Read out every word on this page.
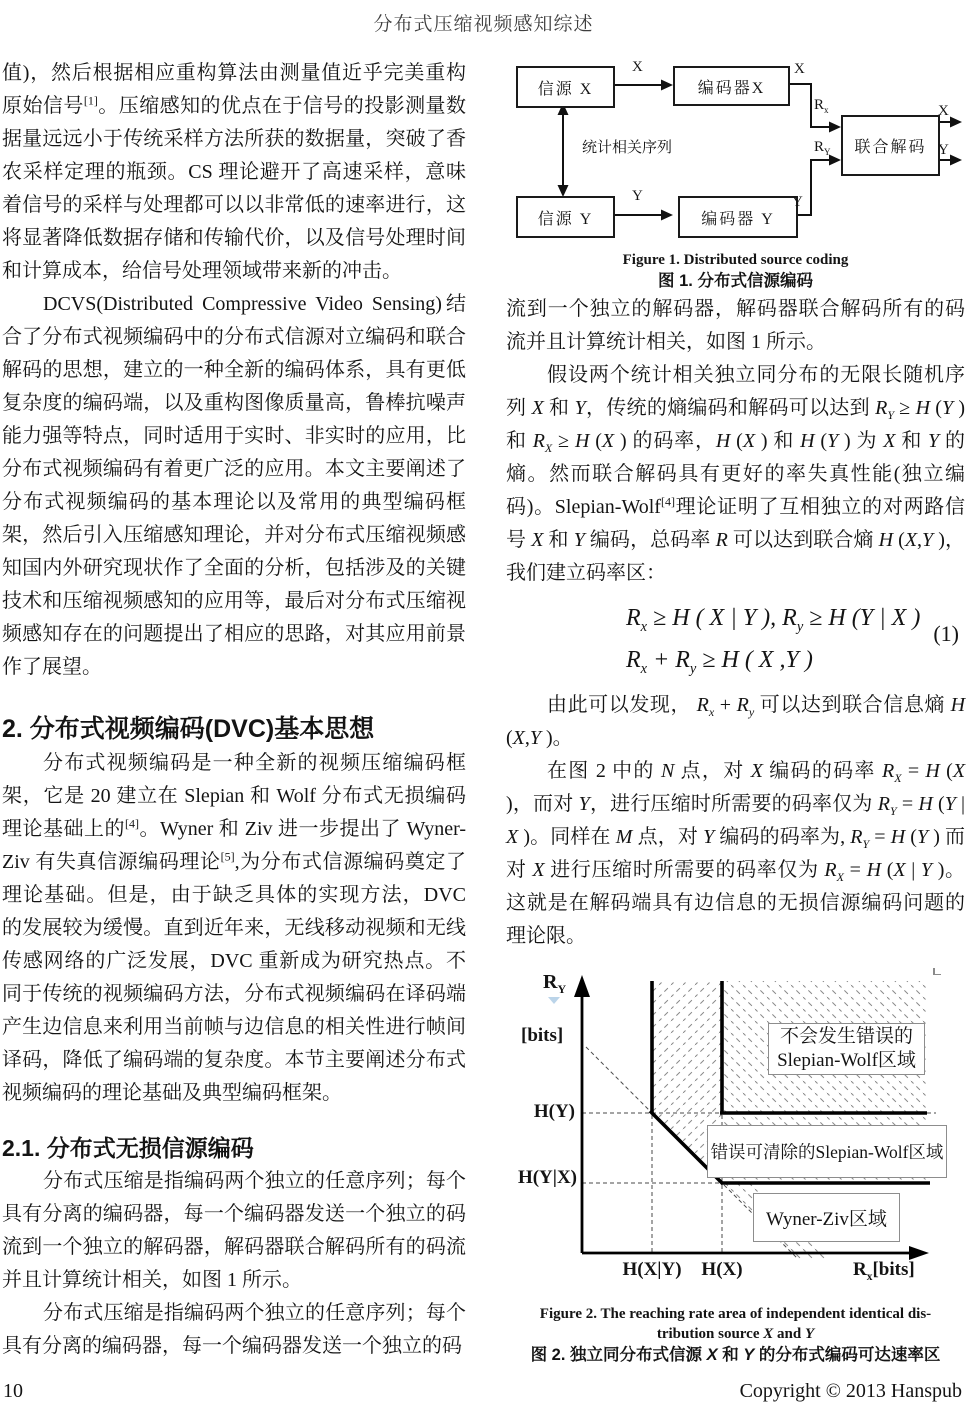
分布式压缩视频感知综述

值)，然后根据相应重构算法由测量值近乎完美重构原始信号[1]。压缩感知的优点在于信号的投影测量数据量远远小于传统采样方法所获的数据量，突破了香农采样定理的瓶颈。CS 理论避开了高速采样，意味着信号的采样与处理都可以以非常低的速率进行，这将显著降低数据存储和传输代价，以及信号处理时间和计算成本，给信号处理领域带来新的冲击。

DCVS(Distributed Compressive Video Sensing)结合了分布式视频编码中的分布式信源对立编码和联合解码的思想，建立的一种全新的编码体系，具有更低复杂度的编码端，以及重构图像质量高，鲁棒抗噪声能力强等特点，同时适用于实时、非实时的应用，比分布式视频编码有着更广泛的应用。本文主要阐述了分布式视频编码的基本理论以及常用的典型编码框架，然后引入压缩感知理论，并对分布式压缩视频感知国内外研究现状作了全面的分析，包括涉及的关键技术和压缩视频感知的应用等，最后对分布式压缩视频感知存在的问题提出了相应的思路，对其应用前景作了展望。

2. 分布式视频编码(DVC)基本思想

分布式视频编码是一种全新的视频压缩编码框架，它是 20 建立在 Slepian 和 Wolf 分布式无损编码理论基础上的[4]。Wyner 和 Ziv 进一步提出了 Wyner-Ziv 有失真信源编码理论[5],为分布式信源编码奠定了理论基础。但是，由于缺乏具体的实现方法，DVC 的发展较为缓慢。直到近年来，无线移动视频和无线传感网络的广泛发展，DVC 重新成为研究热点。不同于传统的视频编码方法，分布式视频编码在译码端产生边信息来利用当前帧与边信息的相关性进行帧间译码，降低了编码端的复杂度。本节主要阐述分布式视频编码的理论基础及典型编码框架。

2.1. 分布式无损信源编码

分布式压缩是指编码两个独立的任意序列；每个具有分离的编码器，每一个编码器发送一个独立的码流到一个独立的解码器，解码器联合解码所有的码流并且计算统计相关，如图 1 所示。

分布式压缩是指编码两个独立的任意序列；每个具有分离的编码器，每一个编码器发送一个独立的码

信源 X	编码器X
信源 Y	编码器 Y
联合解码
统计相关序列
X
Y
X
Y
$R_x$
$R_Y$
X
Y
Figure 1. Distributed source coding
图 1. 分布式信源编码

流到一个独立的解码器，解码器联合解码所有的码流并且计算统计相关，如图 1 所示。

假设两个统计相关独立同分布的无限长随机序列 X 和 Y，传统的熵编码和解码可以达到 $R_Y \ge H$ (Y ) 和 $R_X \ge H$ (X ) 的码率，H (X ) 和 H (Y ) 为 X 和 Y 的熵。然而联合解码具有更好的率失真性能(独立编码)。Slepian-Wolf[4]理论证明了互相独立的对两路信号 X 和 Y 编码，总码率 R 可以达到联合熵 H (X,Y )，我们建立码率区：

$R_x \ge H$ ( X | Y ), $R_y \ge H$ (Y | X )
$R_x + R_y \ge H$ ( X ,Y )
(1)

由此可以发现， $R_x + R_y$ 可以达到联合信息熵 H (X,Y )。

在图 2 中的 N 点，对 X 编码的码率 $R_X = H$ (X )，而对 Y，进行压缩时所需要的码率仅为 $R_Y = H$ (Y | X )。同样在 M 点，对 Y 编码的码率为, $R_Y = H$ (Y ) 而对 X 进行压缩时所需要的码率仅为 $R_X = H$ (X | Y )。这就是在解码端具有边信息的无损信源编码问题的理论限。

$R_Y$
[bits]
H(Y)
H(Y|X)
H(X|Y)	H(X)	$R_x[bits]$
不会发生错误的
Slepian-Wolf区域
错误可清除的Slepian-Wolf区域
Wyner-Ziv区域
Figure 2. The reaching rate area of independent identical dis-
tribution source X and Y
图 2. 独立同分布式信源 X 和 Y 的分布式编码可达速率区
10	Copyright © 2013 Hanspub
